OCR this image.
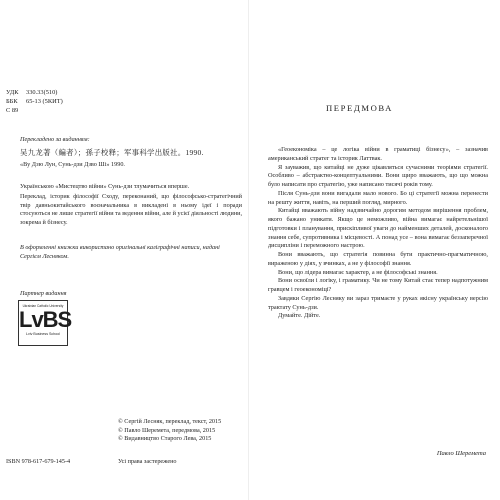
УДК	330.33(510)
ББК	65-13 (5КИТ)
С 89
Перекладено за виданням:
吴九龙著（編者）；孫子校释；军事科学出版社。1990.
«Ву Дзю Лун, Сунь-дзи Дзво Ші» 1990.
Українською «Мистецтво війни» Сунь-дзи тлумачиться вперше.
Переклад, історик філософії Сходу, переконаний, що філософсько-стратегічний твір давньокитайського воєначальника в викладені в ньому ідеї і поради стосуються не лише стратегії війни та ведення війни, але й усієї діяльності людини, зокрема й бізнесу.
В оформленні книжки використано оригінальні каліграфічні написи, надані Сергієм Лесняком.
Партнер видання
Ukrainian Catholic University
LvBS
Lviv Business School
© Сергій Лесняк, переклад, текст, 2015
© Павло Шеремета, передмова, 2015
© Видавництво Старого Лева, 2015
ISBN 978-617-679-145-4	Усі права застережено
ПЕРЕДМОВА

«Геоекономіка – це логіка війни в граматиці бізнесу», – зазначив американський стратег та історик Латтвак.

Я зауважив, що китайці не дуже цікавляться сучасними теоріями стратегії. Особливо – абстрактно-концептуальними. Вони щиро вважають, що що можна було написати про стратегію, уже написано тисячі років тому.

Після Сунь-дзи вони вигадали мало нового. Бо ці стратегії можна перенести на решту життя, навіть, на перший погляд, мирного.

Китайці вважають війну надзвичайно дорогим методом вирішення проблем, якого бажано уникати. Якщо це неможливо, війна вимагає найретельнішої підготовки і планування, прискіпливої уваги до найменших деталей, досконалого знання себе, супротивника і місцевості. А понад усе – вона вимагає беззаперечної дисципліни і переможного настрою.

Вони вважають, що стратегія повинна бути практично-прагматичною, вираженою у діях, у вчинках, а не у філософії знання.

Вони, що лідера вимагає характер, а не філософські знання.

Вони освоїли і логіку, і граматику. Чи не тому Китай стає тепер надпотужним гравцем і геоекономіці?

Завдяки Сергію Лесняку ви зараз тримаєте у руках якісну українську версію трактату Сунь-дзи.

Думайте. Дійте.

Павло Шеремета
